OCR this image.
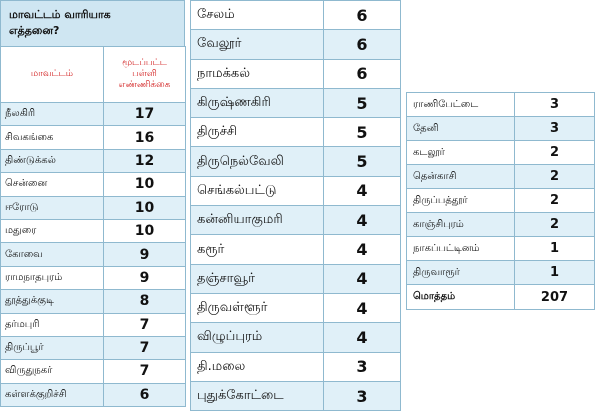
மாவட்டம் வாரியாக
எத்தனை?
மாவட்டம்	மூடப்பட்ட
பள்ளி
எண்ணிக்கை

நீலகிரி	17
சிவகங்கை	16
திண்டுக்கல்	12
சென்னை	10
ஈரோடு	10
மதுரை	10
கோவை	9
ராமநாதபுரம்	9
தூத்துக்குடி	8
தர்மபுரி	7
திருப்பூர்	7
விருதுநகர்	7
கள்ளக்குறிச்சி	6
சேலம்	6
வேலூர்	6
நாமக்கல்	6
கிருஷ்ணகிரி	5
திருச்சி	5
திருநெல்வேலி	5
செங்கல்பட்டு	4
கன்னியாகுமரி	4
கரூர்	4
தஞ்சாவூர்	4
திருவள்ளூர்	4
விழுப்புரம்	4
தி.மலை	3
புதுக்கோட்டை	3
ராணிபேட்டை	3
தேனி	3
கடலூர்	2
தென்காசி	2
திருப்பத்தூர்	2
காஞ்சிபுரம்	2
நாகப்பட்டினம்	1
திருவாரூர்	1
மொத்தம்	207
